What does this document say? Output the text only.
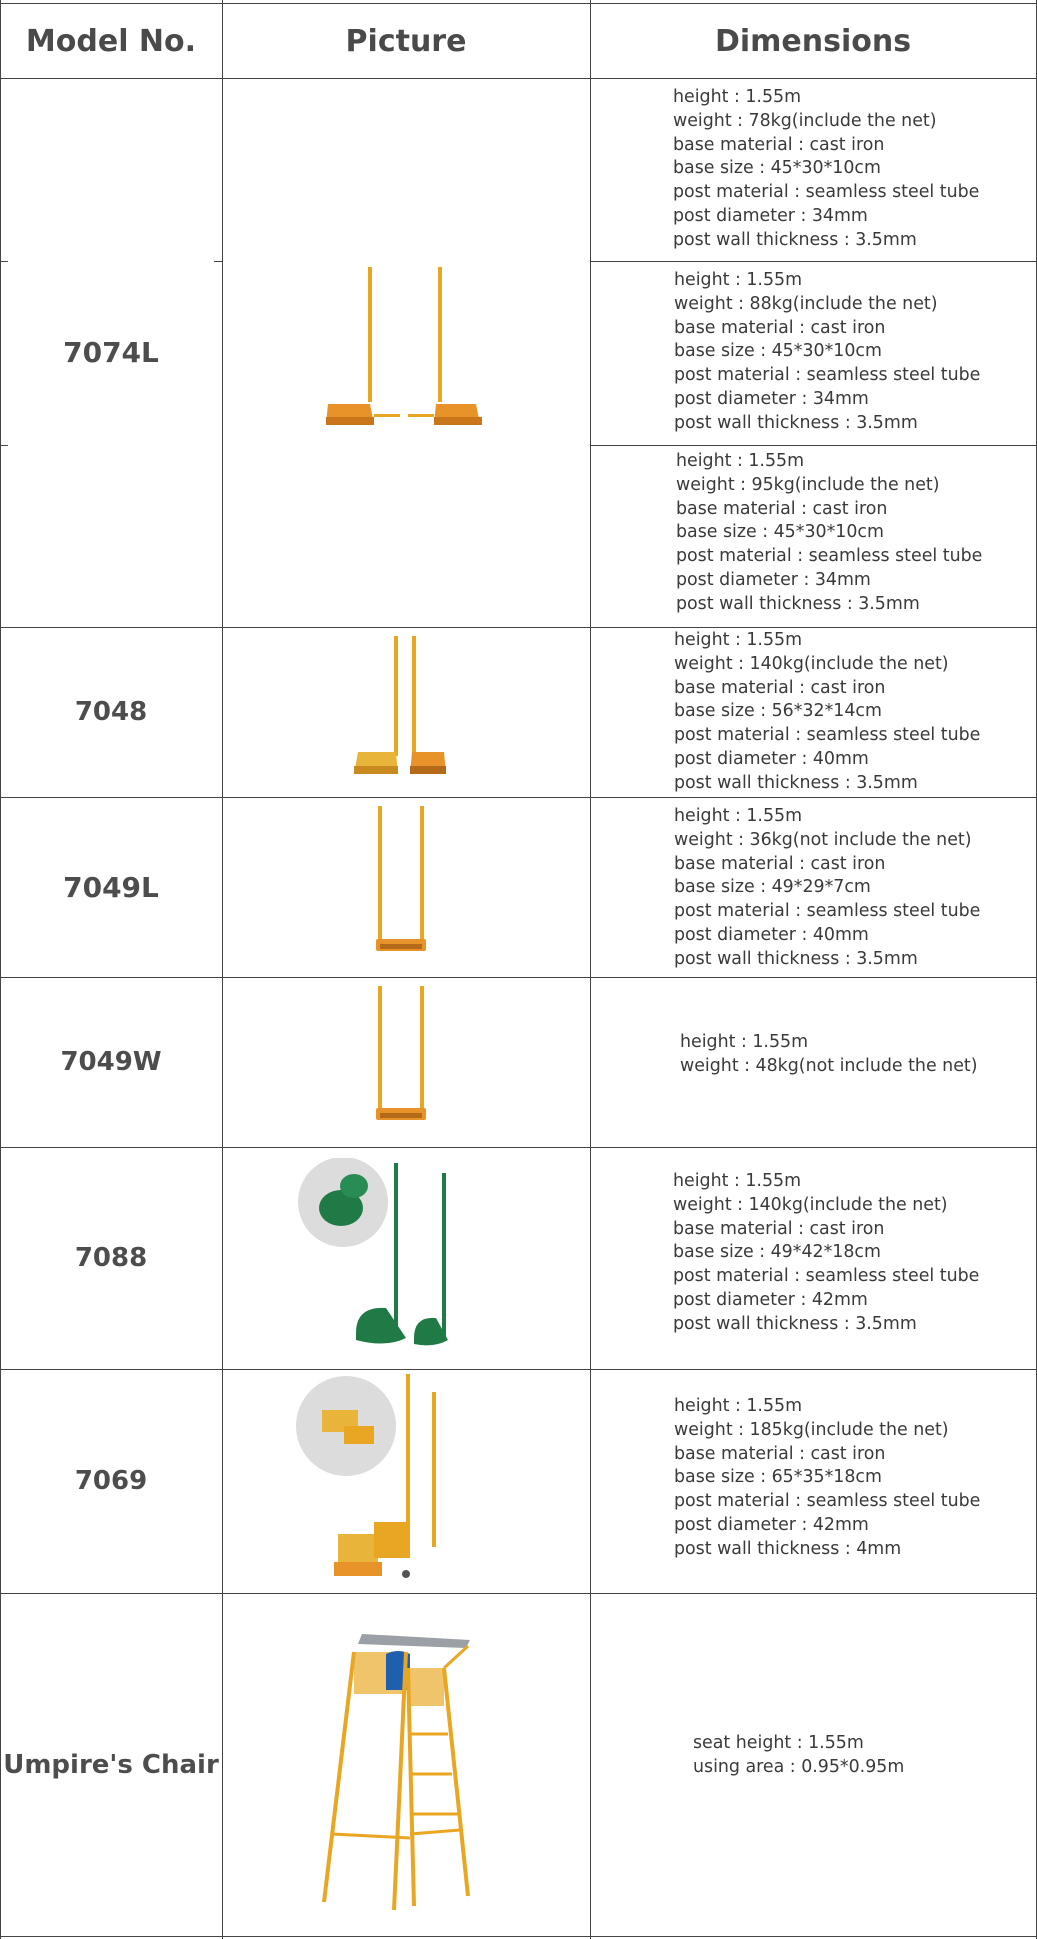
Model No.	Picture	Dimensions
7074L
7048
7049L
7049W
7088
7069
Umpire's Chair
height : 1.55m
weight : 78kg(include the net)
base material : cast iron
base size : 45*30*10cm
post material : seamless steel tube
post diameter : 34mm
post wall thickness : 3.5mm
height : 1.55m
weight : 88kg(include the net)
base material : cast iron
base size : 45*30*10cm
post material : seamless steel tube
post diameter : 34mm
post wall thickness : 3.5mm
height : 1.55m
weight : 95kg(include the net)
base material : cast iron
base size : 45*30*10cm
post material : seamless steel tube
post diameter : 34mm
post wall thickness : 3.5mm
height : 1.55m
weight : 140kg(include the net)
base material : cast iron
base size : 56*32*14cm
post material : seamless steel tube
post diameter : 40mm
post wall thickness : 3.5mm
height : 1.55m
weight : 36kg(not include the net)
base material : cast iron
base size : 49*29*7cm
post material : seamless steel tube
post diameter : 40mm
post wall thickness : 3.5mm
height : 1.55m
weight : 48kg(not include the net)
height : 1.55m
weight : 140kg(include the net)
base material : cast iron
base size : 49*42*18cm
post material : seamless steel tube
post diameter : 42mm
post wall thickness : 3.5mm
height : 1.55m
weight : 185kg(include the net)
base material : cast iron
base size : 65*35*18cm
post material : seamless steel tube
post diameter : 42mm
post wall thickness : 4mm
seat height : 1.55m
using area : 0.95*0.95m
